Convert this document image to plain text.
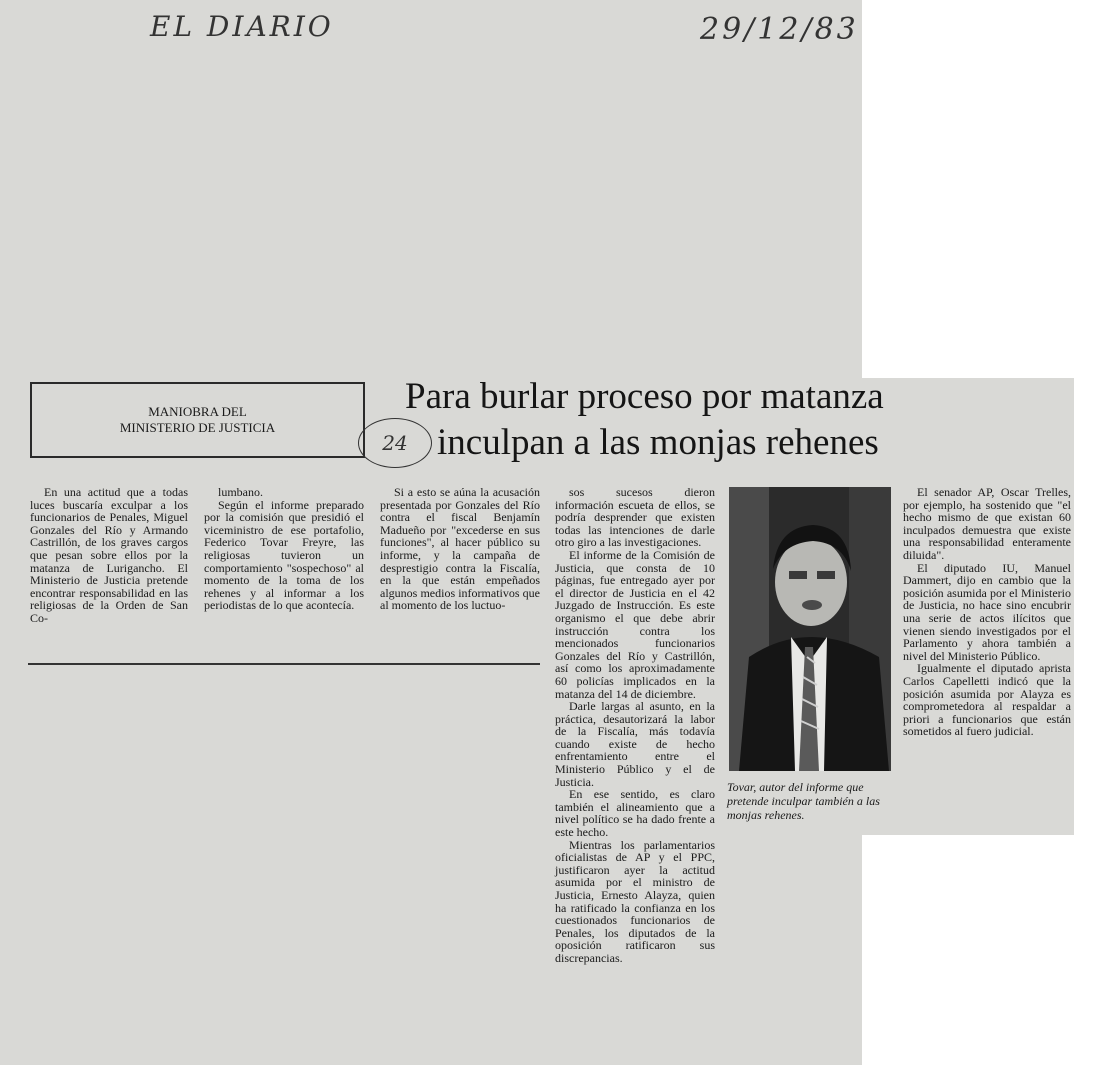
EL DIARIO	29/12/83
MANIOBRA DEL
MINISTERIO DE JUSTICIA
24
Para burlar proceso por matanza
inculpan a las monjas rehenes

En una actitud que a todas luces buscaría exculpar a los funcionarios de Penales, Miguel Gonzales del Río y Armando Castrillón, de los graves cargos que pesan sobre ellos por la matanza de Lurigancho. El Ministerio de Justicia pretende encontrar responsabilidad en las religiosas de la Orden de San Co-

lumbano.

Según el informe preparado por la comisión que presidió el viceministro de ese portafolio, Federico Tovar Freyre, las religiosas tuvieron un comportamiento "sospechoso" al momento de la toma de los rehenes y al informar a los periodistas de lo que acontecía.

Si a esto se aúna la acusación presentada por Gonzales del Río contra el fiscal Benjamín Madueño por "excederse en sus funciones", al hacer público su informe, y la campaña de desprestigio contra la Fiscalía, en la que están empeñados algunos medios informativos que al momento de los luctuo-

sos sucesos dieron información escueta de ellos, se podría desprender que existen todas las intenciones de darle otro giro a las investigaciones.

El informe de la Comisión de Justicia, que consta de 10 páginas, fue entregado ayer por el director de Justicia en el 42 Juzgado de Instrucción. Es este organismo el que debe abrir instrucción contra los mencionados funcionarios Gonzales del Río y Castrillón, así como los aproximadamente 60 policías implicados en la matanza del 14 de diciembre.

Darle largas al asunto, en la práctica, desautorizará la labor de la Fiscalía, más todavía cuando existe de hecho enfrentamiento entre el Ministerio Público y el de Justicia.

En ese sentido, es claro también el alineamiento que a nivel político se ha dado frente a este hecho.

Mientras los parlamentarios oficialistas de AP y el PPC, justificaron ayer la actitud asumida por el ministro de Justicia, Ernesto Alayza, quien ha ratificado la confianza en los cuestionados funcionarios de Penales, los diputados de la oposición ratificaron sus discrepancias.

Tovar, autor del informe que pretende inculpar también a las monjas rehenes.

El senador AP, Oscar Trelles, por ejemplo, ha sostenido que "el hecho mismo de que existan 60 inculpados demuestra que existe una responsabilidad enteramente diluida".

El diputado IU, Manuel Dammert, dijo en cambio que la posición asumida por el Ministerio de Justicia, no hace sino encubrir una serie de actos ilícitos que vienen siendo investigados por el Parlamento y ahora también a nivel del Ministerio Público.

Igualmente el diputado aprista Carlos Capelletti indicó que la posición asumida por Alayza es comprometedora al respaldar a priori a funcionarios que están sometidos al fuero judicial.
